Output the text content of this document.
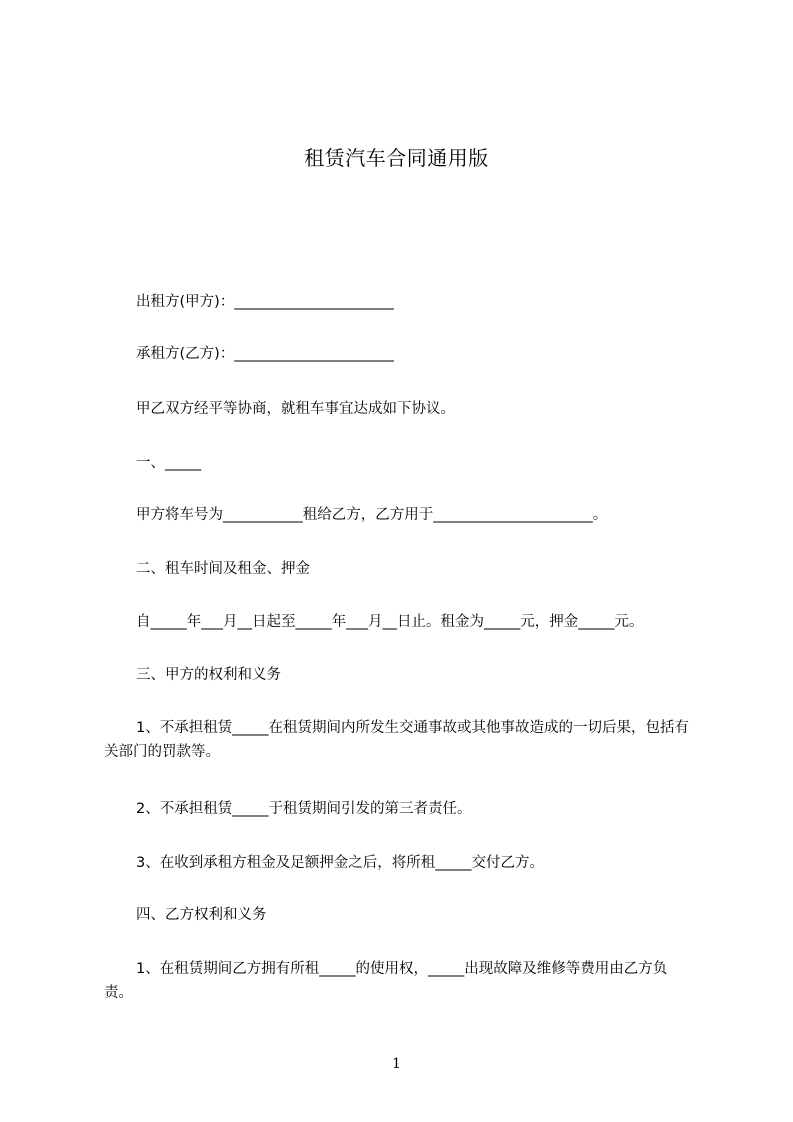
租赁汽车合同通用版
出租方(甲方)：______________________
承租方(乙方)：______________________
甲乙双方经平等协商，就租车事宜达成如下协议。
一、_____
甲方将车号为___________租给乙方，乙方用于______________________。
二、租车时间及租金、押金
自_____年___月__日起至_____年___月__日止。租金为_____元，押金_____元。
三、甲方的权利和义务
1、不承担租赁_____在租赁期间内所发生交通事故或其他事故造成的一切后果，包括有关部门的罚款等。
2、不承担租赁_____于租赁期间引发的第三者责任。
3、在收到承租方租金及足额押金之后，将所租_____交付乙方。
四、乙方权利和义务
1、在租赁期间乙方拥有所租_____的使用权，_____出现故障及维修等费用由乙方负责。
1
